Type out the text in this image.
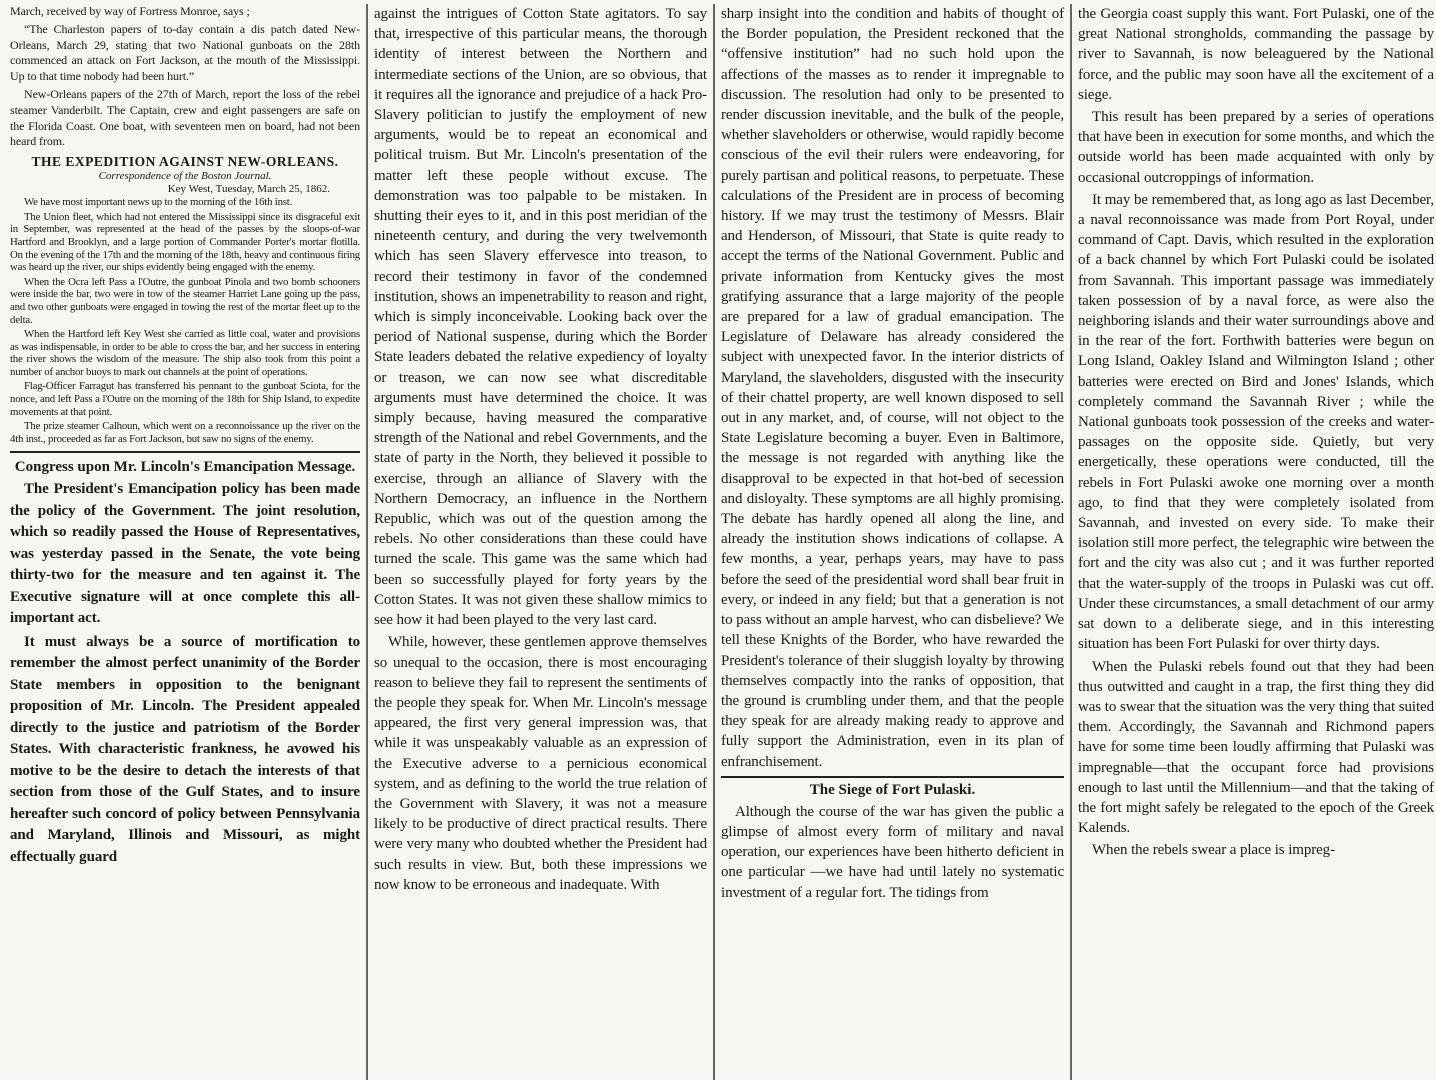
March, received by way of Fortress Monroe, says ;

“The Charleston papers of to-day contain a dis patch dated New-Orleans, March 29, stating that two National gunboats on the 28th commenced an attack on Fort Jackson, at the mouth of the Mississippi. Up to that time nobody had been hurt.”

New-Orleans papers of the 27th of March, report the loss of the rebel steamer Vanderbilt. The Captain, crew and eight passengers are safe on the Florida Coast. One boat, with seventeen men on board, had not been heard from.

THE EXPEDITION AGAINST NEW-ORLEANS.
Correspondence of the Boston Journal.
Key West, Tuesday, March 25, 1862.

We have most important news up to the morning of the 16th inst.

The Union fleet, which had not entered the Mississippi since its disgraceful exit in September, was represented at the head of the passes by the sloops-of-war Hartford and Brooklyn, and a large portion of Commander Porter's mortar flotilla. On the evening of the 17th and the morning of the 18th, heavy and continuous firing was heard up the river, our ships evidently being engaged with the enemy.

When the Ocra left Pass a l'Outre, the gunboat Pinola and two bomb schooners were inside the bar, two were in tow of the steamer Harriet Lane going up the pass, and two other gunboats were engaged in towing the rest of the mortar fleet up to the delta.

When the Hartford left Key West she carried as little coal, water and provisions as was indispensable, in order to be able to cross the bar, and her success in entering the river shows the wisdom of the measure. The ship also took from this point a number of anchor buoys to mark out channels at the point of operations.

Flag-Officer Farragut has transferred his pennant to the gunboat Sciota, for the nonce, and left Pass a l'Outre on the morning of the 18th for Ship Island, to expedite movements at that point.

The prize steamer Calhoun, which went on a reconnoissance up the river on the 4th inst., proceeded as far as Fort Jackson, but saw no signs of the enemy.

Congress upon Mr. Lincoln's Emancipation Message.

The President's Emancipation policy has been made the policy of the Government. The joint resolution, which so readily passed the House of Representatives, was yesterday passed in the Senate, the vote being thirty-two for the measure and ten against it. The Executive signature will at once complete this all-important act.

It must always be a source of mortification to remember the almost perfect unanimity of the Border State members in opposition to the benignant proposition of Mr. Lincoln. The President appealed directly to the justice and patriotism of the Border States. With characteristic frankness, he avowed his motive to be the desire to detach the interests of that section from those of the Gulf States, and to insure hereafter such concord of policy between Pennsylvania and Maryland, Illinois and Missouri, as might effectually guard

against the intrigues of Cotton State agitators. To say that, irrespective of this particular means, the thorough identity of interest between the Northern and intermediate sections of the Union, are so obvious, that it requires all the ignorance and prejudice of a hack Pro-Slavery politician to justify the employment of new arguments, would be to repeat an economical and political truism. But Mr. Lincoln's presentation of the matter left these people without excuse. The demonstration was too palpable to be mistaken. In shutting their eyes to it, and in this post meridian of the nineteenth century, and during the very twelvemonth which has seen Slavery effervesce into treason, to record their testimony in favor of the condemned institution, shows an impenetrability to reason and right, which is simply inconceivable. Looking back over the period of National suspense, during which the Border State leaders debated the relative expediency of loyalty or treason, we can now see what discreditable arguments must have determined the choice. It was simply because, having measured the comparative strength of the National and rebel Governments, and the state of party in the North, they believed it possible to exercise, through an alliance of Slavery with the Northern Democracy, an influence in the Northern Republic, which was out of the question among the rebels. No other considerations than these could have turned the scale. This game was the same which had been so successfully played for forty years by the Cotton States. It was not given these shallow mimics to see how it had been played to the very last card.

While, however, these gentlemen approve themselves so unequal to the occasion, there is most encouraging reason to believe they fail to represent the sentiments of the people they speak for. When Mr. Lincoln's message appeared, the first very general impression was, that while it was unspeakably valuable as an expression of the Executive adverse to a pernicious economical system, and as defining to the world the true relation of the Government with Slavery, it was not a measure likely to be productive of direct practical results. There were very many who doubted whether the President had such results in view. But, both these impressions we now know to be erroneous and inadequate. With

sharp insight into the condition and habits of thought of the Border population, the President reckoned that the “offensive institution” had no such hold upon the affections of the masses as to render it impregnable to discussion. The resolution had only to be presented to render discussion inevitable, and the bulk of the people, whether slaveholders or otherwise, would rapidly become conscious of the evil their rulers were endeavoring, for purely partisan and political reasons, to perpetuate. These calculations of the President are in process of becoming history. If we may trust the testimony of Messrs. Blair and Henderson, of Missouri, that State is quite ready to accept the terms of the National Government. Public and private information from Kentucky gives the most gratifying assurance that a large majority of the people are prepared for a law of gradual emancipation. The Legislature of Delaware has already considered the subject with unexpected favor. In the interior districts of Maryland, the slaveholders, disgusted with the insecurity of their chattel property, are well known disposed to sell out in any market, and, of course, will not object to the State Legislature becoming a buyer. Even in Baltimore, the message is not regarded with anything like the disapproval to be expected in that hot-bed of secession and disloyalty. These symptoms are all highly promising. The debate has hardly opened all along the line, and already the institution shows indications of collapse. A few months, a year, perhaps years, may have to pass before the seed of the presidential word shall bear fruit in every, or indeed in any field; but that a generation is not to pass without an ample harvest, who can disbelieve? We tell these Knights of the Border, who have rewarded the President's tolerance of their sluggish loyalty by throwing themselves compactly into the ranks of opposition, that the ground is crumbling under them, and that the people they speak for are already making ready to approve and fully support the Administration, even in its plan of enfranchisement.

The Siege of Fort Pulaski.

Although the course of the war has given the public a glimpse of almost every form of military and naval operation, our experiences have been hitherto deficient in one particular —we have had until lately no systematic investment of a regular fort. The tidings from

the Georgia coast supply this want. Fort Pulaski, one of the great National strongholds, commanding the passage by river to Savannah, is now beleaguered by the National force, and the public may soon have all the excitement of a siege.

This result has been prepared by a series of operations that have been in execution for some months, and which the outside world has been made acquainted with only by occasional outcroppings of information.

It may be remembered that, as long ago as last December, a naval reconnoissance was made from Port Royal, under command of Capt. Davis, which resulted in the exploration of a back channel by which Fort Pulaski could be isolated from Savannah. This important passage was immediately taken possession of by a naval force, as were also the neighboring islands and their water surroundings above and in the rear of the fort. Forthwith batteries were begun on Long Island, Oakley Island and Wilmington Island ; other batteries were erected on Bird and Jones' Islands, which completely command the Savannah River ; while the National gunboats took possession of the creeks and water-passages on the opposite side. Quietly, but very energetically, these operations were conducted, till the rebels in Fort Pulaski awoke one morning over a month ago, to find that they were completely isolated from Savannah, and invested on every side. To make their isolation still more perfect, the telegraphic wire between the fort and the city was also cut ; and it was further reported that the water-supply of the troops in Pulaski was cut off. Under these circumstances, a small detachment of our army sat down to a deliberate siege, and in this interesting situation has been Fort Pulaski for over thirty days.

When the Pulaski rebels found out that they had been thus outwitted and caught in a trap, the first thing they did was to swear that the situation was the very thing that suited them. Accordingly, the Savannah and Richmond papers have for some time been loudly affirming that Pulaski was impregnable—that the occupant force had provisions enough to last until the Millennium—and that the taking of the fort might safely be relegated to the epoch of the Greek Kalends.

When the rebels swear a place is impreg-
